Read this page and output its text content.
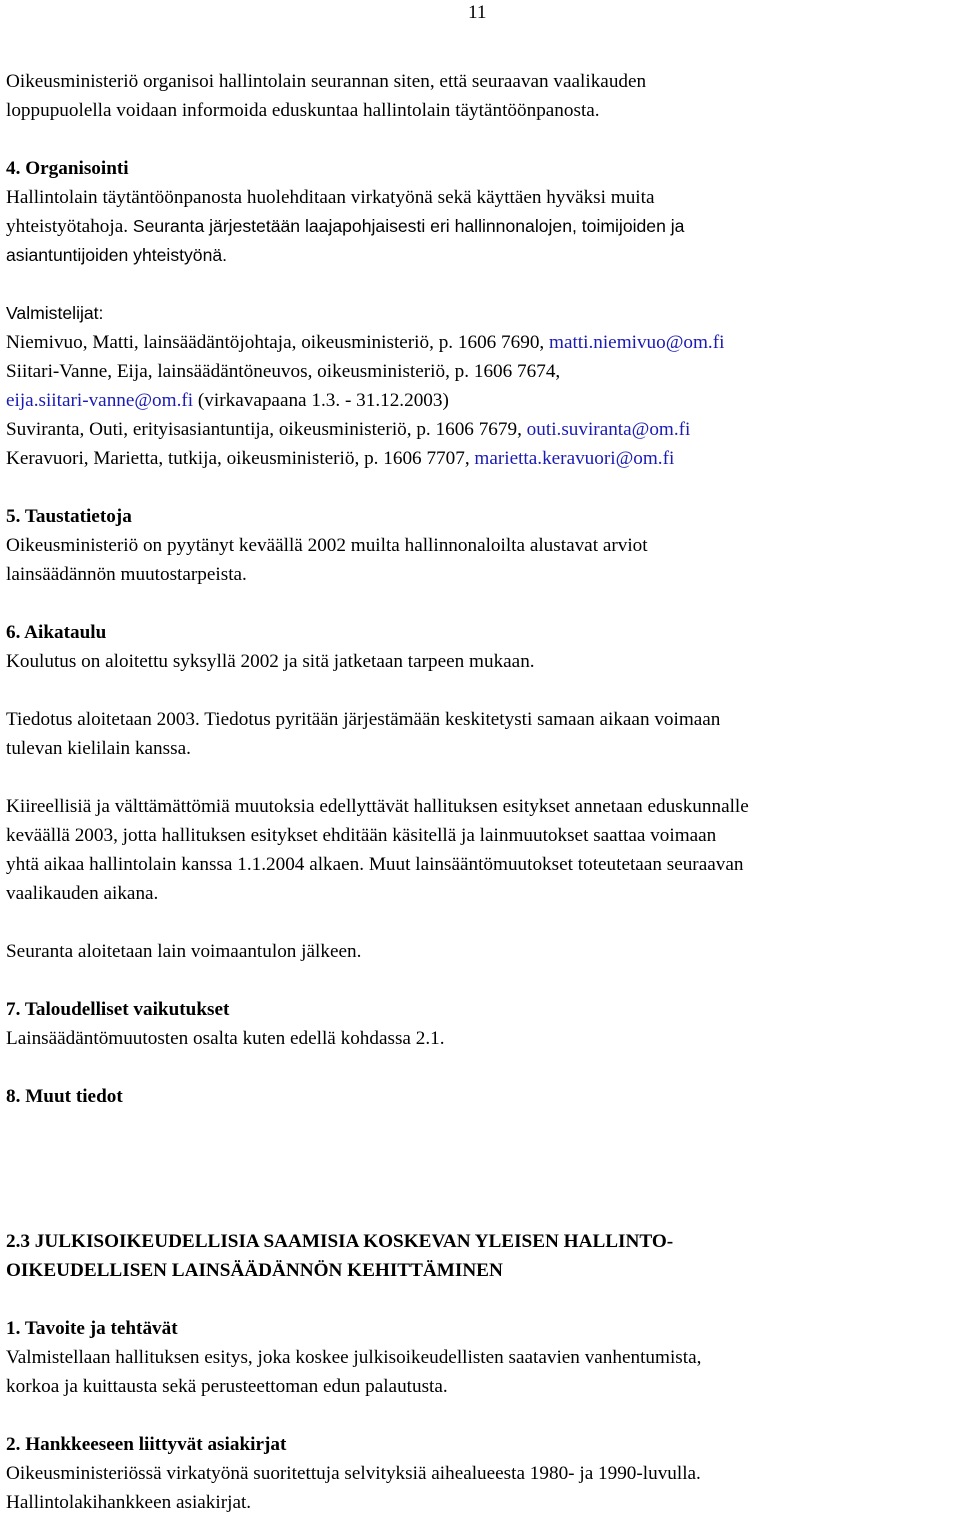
11

Oikeusministeriö organisoi hallintolain seurannan siten, että seuraavan vaalikauden
loppupuolella voidaan informoida eduskuntaa hallintolain täytäntöönpanosta.

4. Organisointi
Hallintolain täytäntöönpanosta huolehditaan virkatyönä sekä käyttäen hyväksi muita
yhteistyötahoja. Seuranta järjestetään laajapohjaisesti eri hallinnonalojen, toimijoiden ja
asiantuntijoiden yhteistyönä.

Valmistelijat:
Niemivuo, Matti, lainsäädäntöjohtaja, oikeusministeriö, p. 1606 7690, matti.niemivuo@om.fi
Siitari-Vanne, Eija, lainsäädäntöneuvos, oikeusministeriö, p. 1606 7674,
eija.siitari-vanne@om.fi (virkavapaana 1.3. - 31.12.2003)
Suviranta, Outi, erityisasiantuntija, oikeusministeriö, p. 1606 7679, outi.suviranta@om.fi
Keravuori, Marietta, tutkija, oikeusministeriö, p. 1606 7707, marietta.keravuori@om.fi

5. Taustatietoja
Oikeusministeriö on pyytänyt keväällä 2002 muilta hallinnonaloilta alustavat arviot
lainsäädännön muutostarpeista.

6. Aikataulu
Koulutus on aloitettu syksyllä 2002 ja sitä jatketaan tarpeen mukaan.

Tiedotus aloitetaan 2003. Tiedotus pyritään järjestämään keskitetysti samaan aikaan voimaan
tulevan kielilain kanssa.

Kiireellisiä ja välttämättömiä muutoksia edellyttävät hallituksen esitykset annetaan eduskunnalle
keväällä 2003, jotta hallituksen esitykset ehditään käsitellä ja lainmuutokset saattaa voimaan
yhtä aikaa hallintolain kanssa 1.1.2004 alkaen. Muut lainsääntömuutokset toteutetaan seuraavan
vaalikauden aikana.

Seuranta aloitetaan lain voimaantulon jälkeen.

7. Taloudelliset vaikutukset
Lainsäädäntömuutosten osalta kuten edellä kohdassa 2.1.

8. Muut tiedot

2.3 JULKISOIKEUDELLISIA SAAMISIA KOSKEVAN YLEISEN HALLINTO-
OIKEUDELLISEN LAINSÄÄDÄNNÖN KEHITTÄMINEN

1. Tavoite ja tehtävät
Valmistellaan hallituksen esitys, joka koskee julkisoikeudellisten saatavien vanhentumista,
korkoa ja kuittausta sekä perusteettoman edun palautusta.

2. Hankkeeseen liittyvät asiakirjat
Oikeusministeriössä virkatyönä suoritettuja selvityksiä aihealueesta 1980- ja 1990-luvulla.
Hallintolakihankkeen asiakirjat.
